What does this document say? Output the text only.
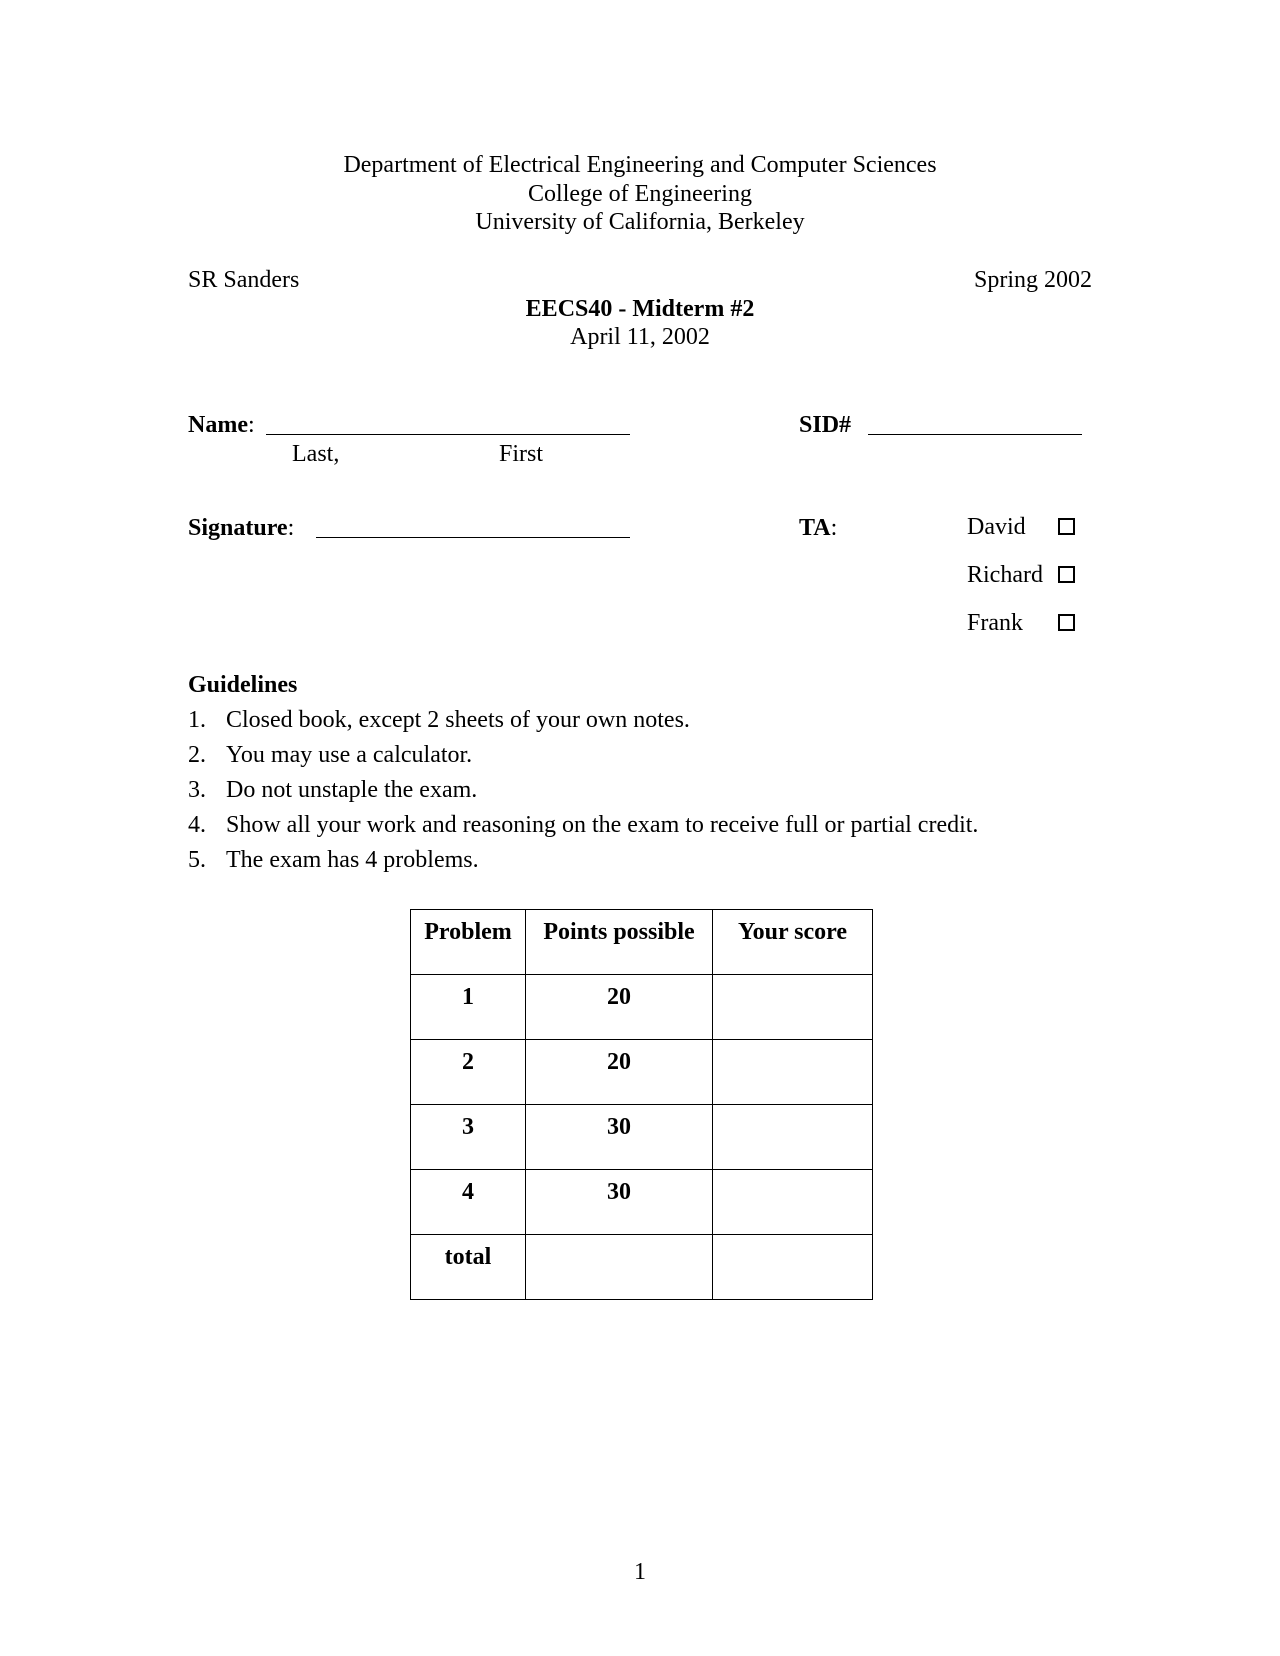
Department of Electrical Engineering and Computer Sciences
College of Engineering
University of California, Berkeley
SR Sanders	Spring 2002
EECS40 - Midterm #2
April 11, 2002
Name:
Last,	First
SID#
Signature:	TA:	David
Richard
Frank
Guidelines
1. Closed book, except 2 sheets of your own notes.
2. You may use a calculator.
3. Do not unstaple the exam.
4. Show all your work and reasoning on the exam to receive full or partial credit.
5. The exam has 4 problems.
Problem	Points possible	Your score
1	20	
2	20	
3	30	
4	30	
total		
1
